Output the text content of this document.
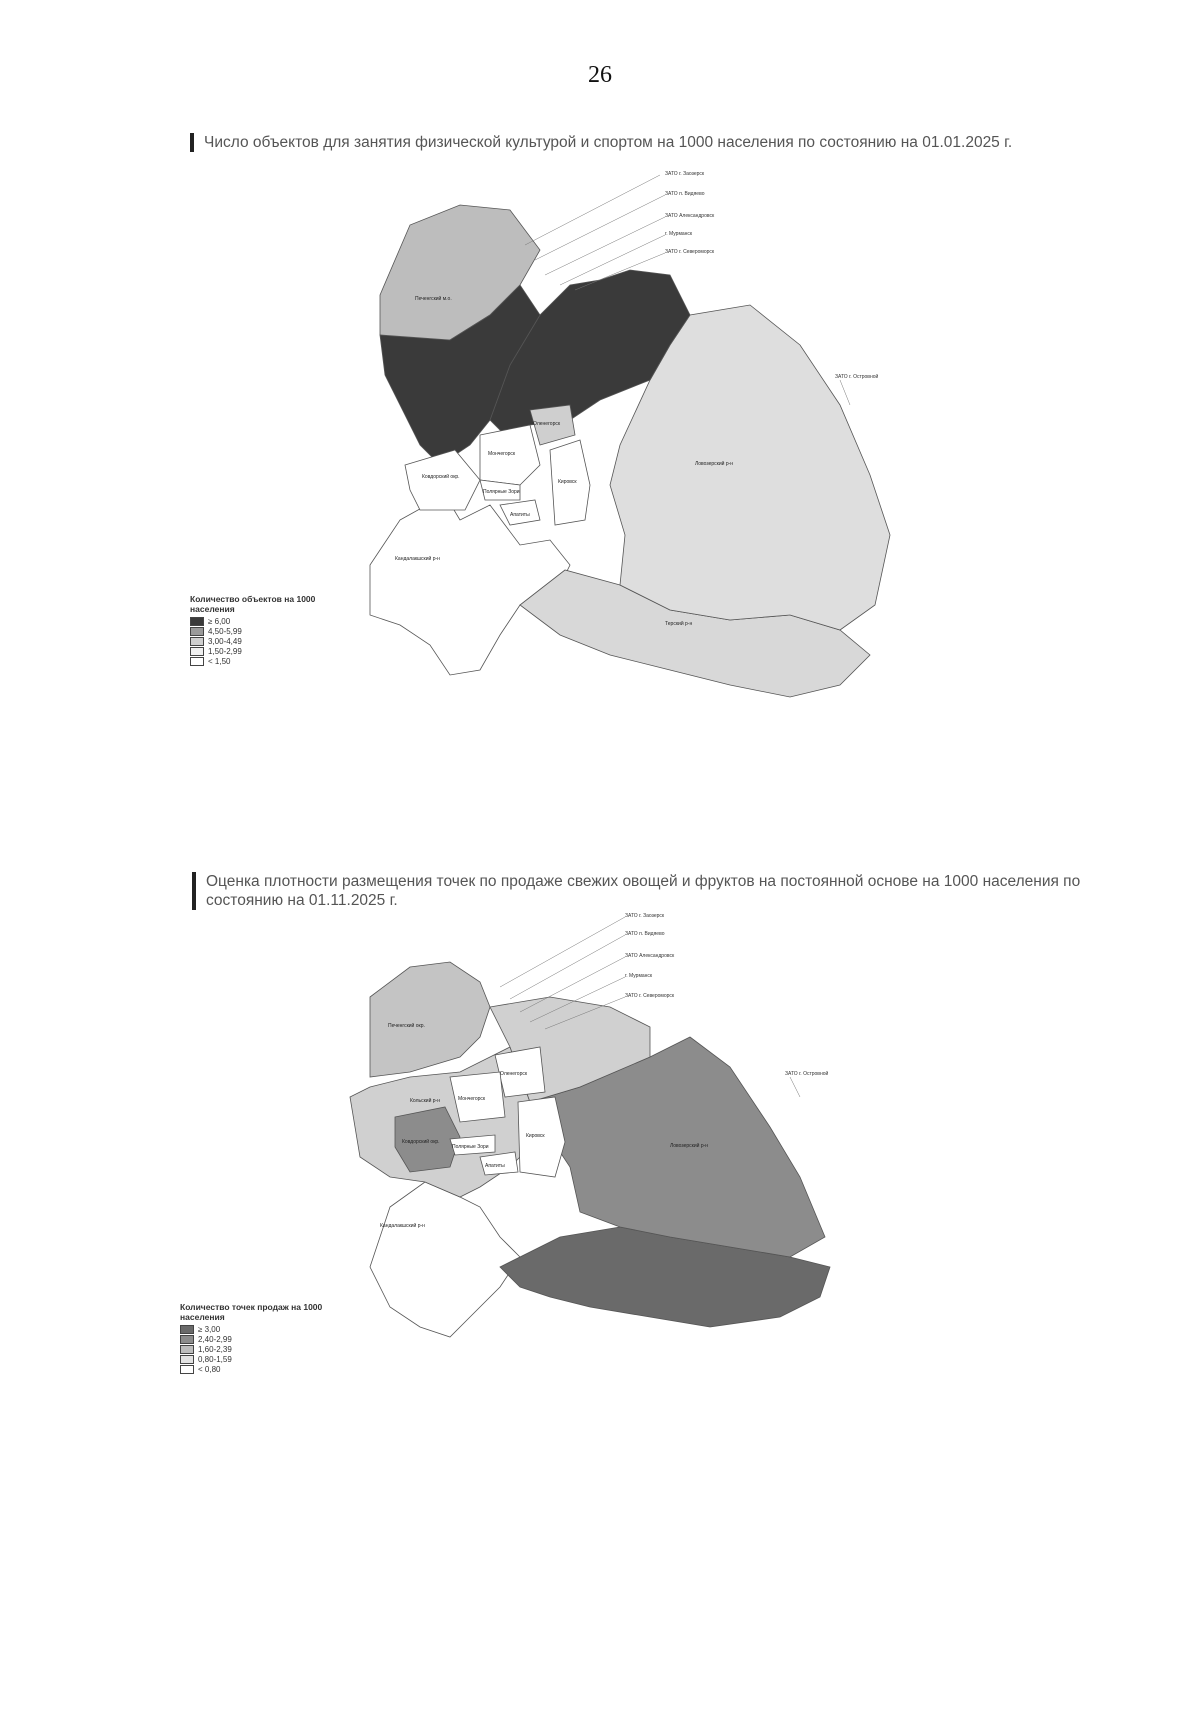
26
Число объектов для занятия физической культурой и спортом на 1000 населения по состоянию на 01.01.2025 г.
ЗАТО г. Заозерск
ЗАТО п. Видяево
ЗАТО Александровск
г. Мурманск
ЗАТО г. Североморск
ЗАТО г. Островной
Печенгский м.о.
Мончегорск
Оленегорск
Ковдорский окр.
Полярные Зори
Апатиты
Кировск
Кандалакшский р-н
Ловозерский р-н
Терский р-н
Количество объектов на 1000 населения
≥ 6,00
4,50-5,99
3,00-4,49
1,50-2,99
< 1,50
Оценка плотности размещения точек по продаже свежих овощей и фруктов на постоянной основе на 1000 населения по состоянию на 01.11.2025 г.
ЗАТО г. Заозерск
ЗАТО п. Видяево
ЗАТО Александровск
г. Мурманск
ЗАТО г. Североморск
ЗАТО г. Островной
Печенгский окр.
Кольский р-н
Оленегорск
Мончегорск
Ковдорский окр.
Полярные Зори
Апатиты
Кировск
Кандалакшский р-н
Ловозерский р-н
Количество точек продаж на 1000 населения
≥ 3,00
2,40-2,99
1,60-2,39
0,80-1,59
< 0,80
